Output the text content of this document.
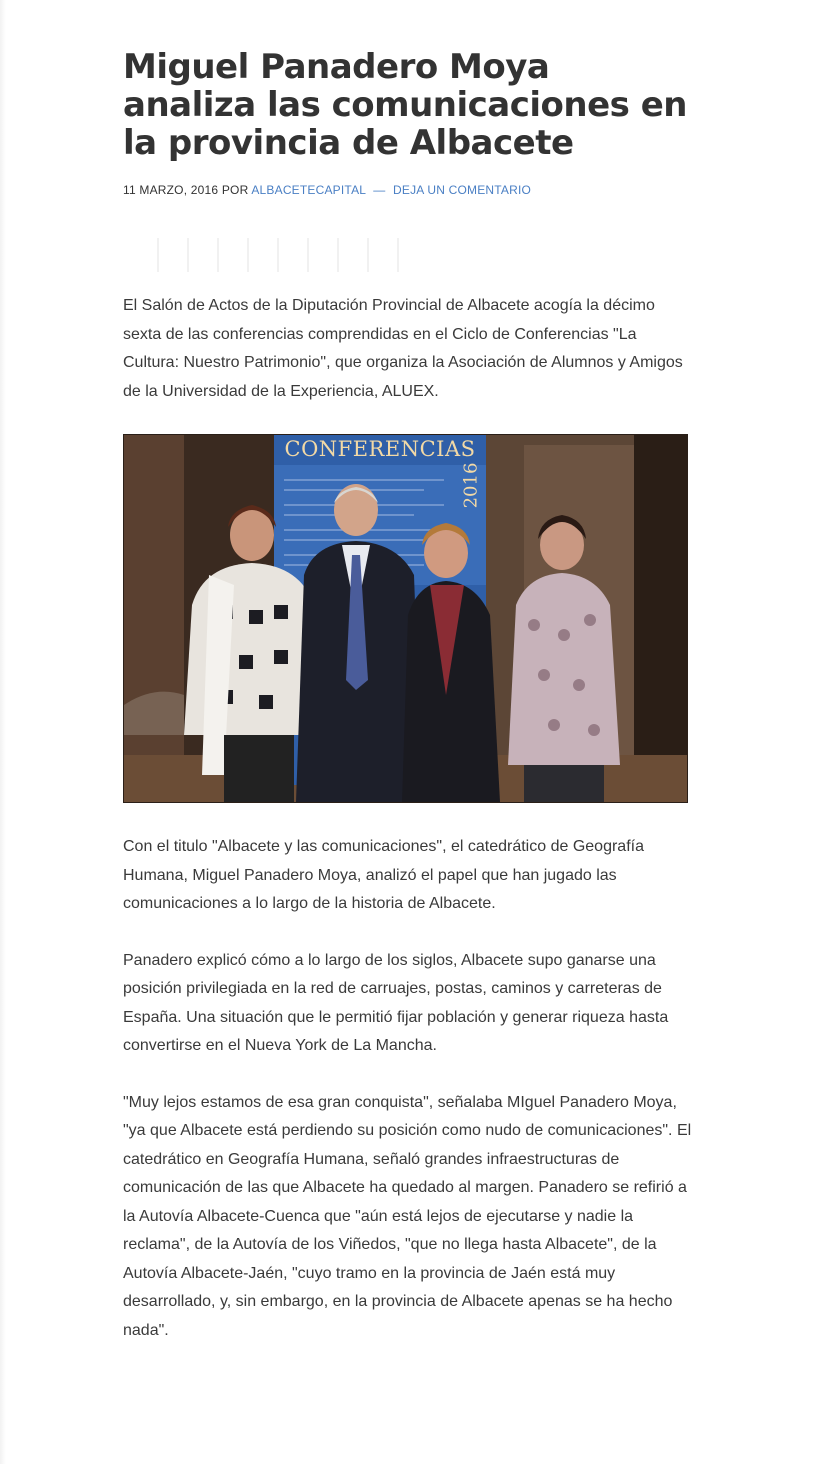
Miguel Panadero Moya analiza las comunicaciones en la provincia de Albacete
11 MARZO, 2016 POR ALBACETECAPITAL — DEJA UN COMENTARIO

El Salón de Actos de la Diputación Provincial de Albacete acogía la décimo sexta de las conferencias comprendidas en el Ciclo de Conferencias "La Cultura: Nuestro Patrimonio", que organiza la Asociación de Alumnos y Amigos de la Universidad de la Experiencia, ALUEX.

CONFERENCIAS
2016

Con el titulo "Albacete y las comunicaciones", el catedrático de Geografía Humana, Miguel Panadero Moya, analizó el papel que han jugado las comunicaciones a lo largo de la historia de Albacete.

Panadero explicó cómo a lo largo de los siglos, Albacete supo ganarse una posición privilegiada en la red de carruajes, postas, caminos y carreteras de España. Una situación que le permitió fijar población y generar riqueza hasta convertirse en el Nueva York de La Mancha.

"Muy lejos estamos de esa gran conquista", señalaba MIguel Panadero Moya, "ya que Albacete está perdiendo su posición como nudo de comunicaciones". El catedrático en Geografía Humana, señaló grandes infraestructuras de comunicación de las que Albacete ha quedado al margen. Panadero se refirió a la Autovía Albacete-Cuenca que "aún está lejos de ejecutarse y nadie la reclama", de la Autovía de los Viñedos, "que no llega hasta Albacete", de la Autovía Albacete-Jaén, "cuyo tramo en la provincia de Jaén está muy desarrollado, y, sin embargo, en la provincia de Albacete apenas se ha hecho nada".
